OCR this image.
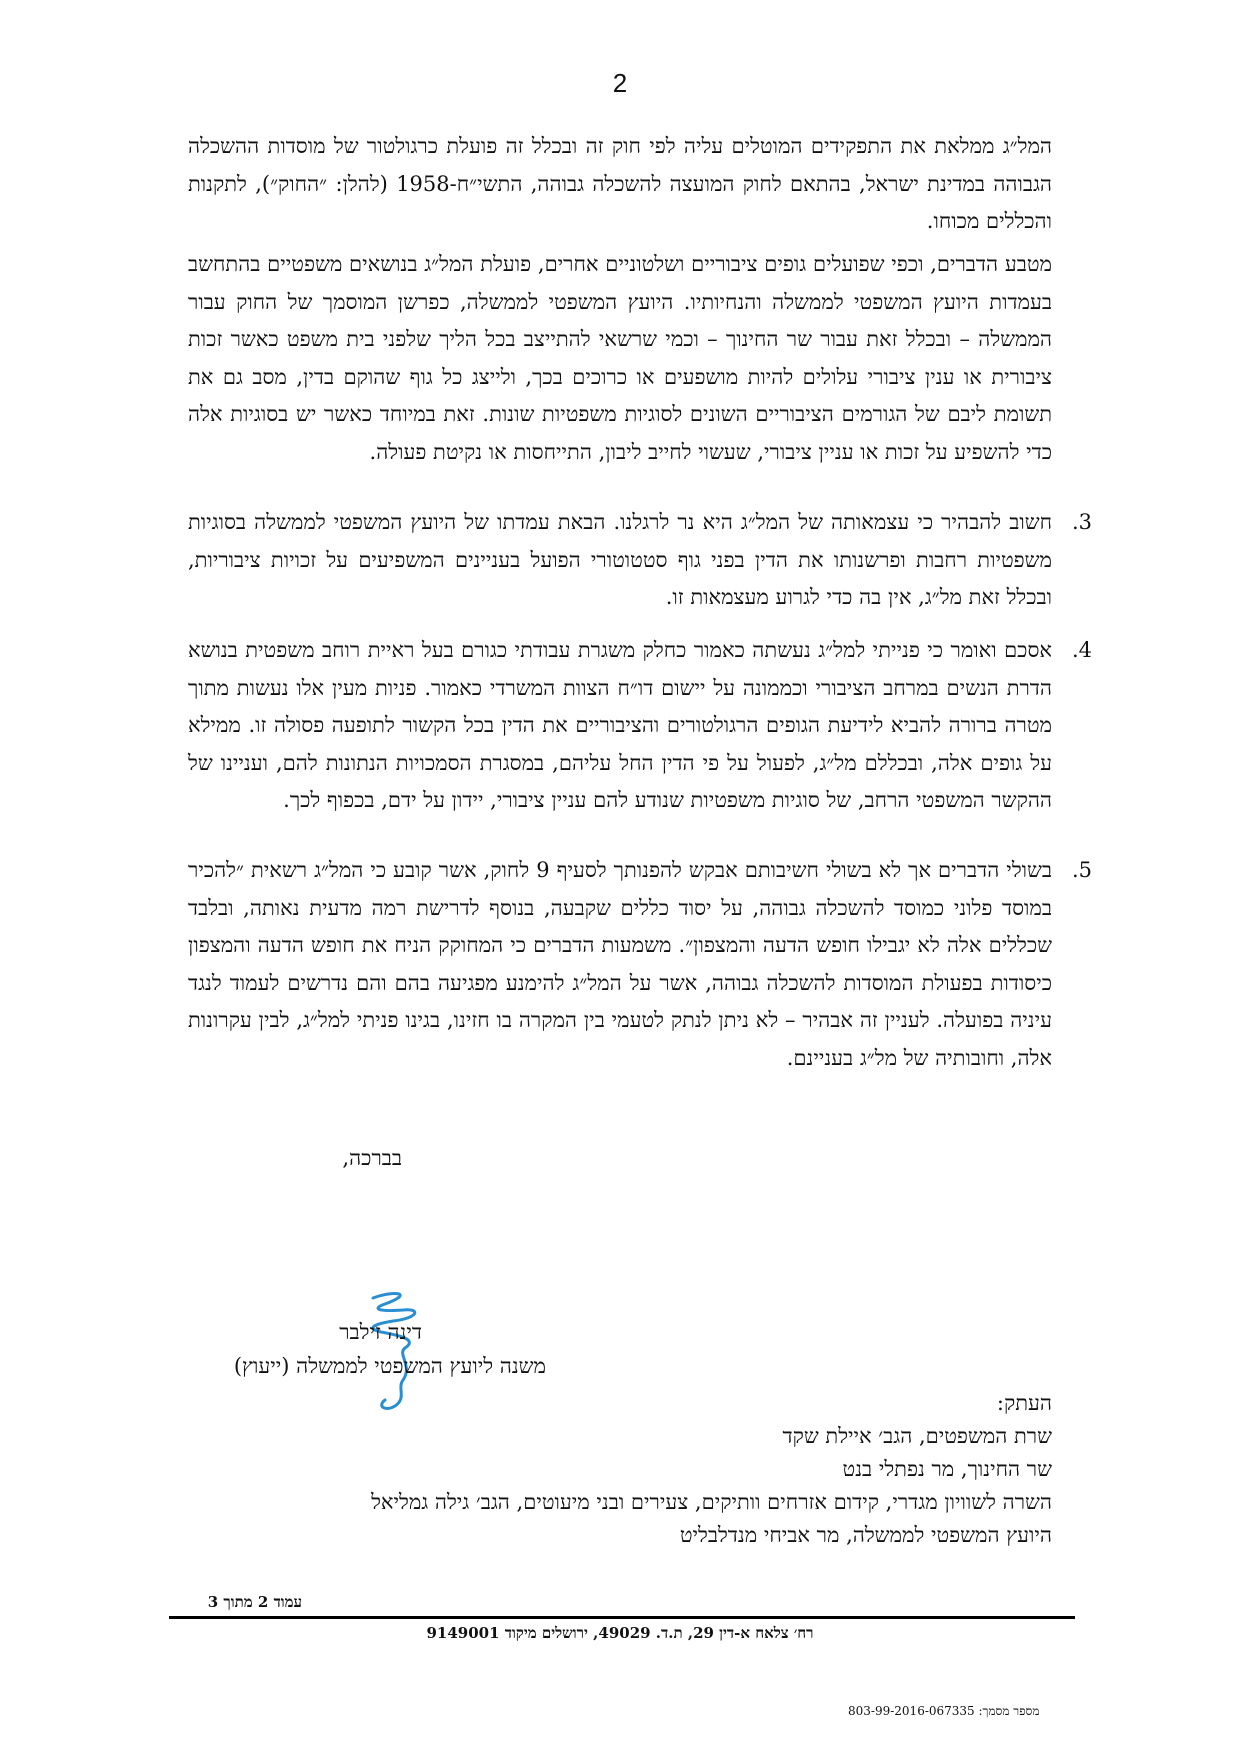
2
המל״ג ממלאת את התפקידים המוטלים עליה לפי חוק זה ובכלל זה פועלת כרגולטור של מוסדות ההשכלה הגבוהה במדינת ישראל, בהתאם לחוק המועצה להשכלה גבוהה, התשי״ח-1958 (להלן: ״החוק״), לתקנות והכללים מכוחו.
מטבע הדברים, וכפי שפועלים גופים ציבוריים ושלטוניים אחרים, פועלת המל״ג בנושאים משפטיים בהתחשב בעמדות היועץ המשפטי לממשלה והנחיותיו. היועץ המשפטי לממשלה, כפרשן המוסמך של החוק עבור הממשלה – ובכלל זאת עבור שר החינוך – וכמי שרשאי להתייצב בכל הליך שלפני בית משפט כאשר זכות ציבורית או ענין ציבורי עלולים להיות מושפעים או כרוכים בכך, ולייצג כל גוף שהוקם בדין, מסב גם את תשומת ליבם של הגורמים הציבוריים השונים לסוגיות משפטיות שונות. זאת במיוחד כאשר יש בסוגיות אלה כדי להשפיע על זכות או עניין ציבורי, שעשוי לחייב ליבון, התייחסות או נקיטת פעולה.
3.
חשוב להבהיר כי עצמאותה של המל״ג היא נר לרגלנו. הבאת עמדתו של היועץ המשפטי לממשלה בסוגיות משפטיות רחבות ופרשנותו את הדין בפני גוף סטטוטורי הפועל בעניינים המשפיעים על זכויות ציבוריות, ובכלל זאת מל״ג, אין בה כדי לגרוע מעצמאות זו.
4.
אסכם ואומר כי פנייתי למל״ג נעשתה כאמור כחלק משגרת עבודתי כגורם בעל ראיית רוחב משפטית בנושא הדרת הנשים במרחב הציבורי וכממונה על יישום דו״ח הצוות המשרדי כאמור. פניות מעין אלו נעשות מתוך מטרה ברורה להביא לידיעת הגופים הרגולטורים והציבוריים את הדין בכל הקשור לתופעה פסולה זו. ממילא על גופים אלה, ובכללם מל״ג, לפעול על פי הדין החל עליהם, במסגרת הסמכויות הנתונות להם, ועניינו של ההקשר המשפטי הרחב, של סוגיות משפטיות שנודע להם עניין ציבורי, יידון על ידם, בכפוף לכך.
5.
בשולי הדברים אך לא בשולי חשיבותם אבקש להפנותך לסעיף 9 לחוק, אשר קובע כי המל״ג רשאית ״להכיר במוסד פלוני כמוסד להשכלה גבוהה, על יסוד כללים שקבעה, בנוסף לדרישת רמה מדעית נאותה, ובלבד שכללים אלה לא יגבילו חופש הדעה והמצפון״. משמעות הדברים כי המחוקק הניח את חופש הדעה והמצפון כיסודות בפעולת המוסדות להשכלה גבוהה, אשר על המל״ג להימנע מפגיעה בהם והם נדרשים לעמוד לנגד עיניה בפועלה. לעניין זה אבהיר – לא ניתן לנתק לטעמי בין המקרה בו חזינו, בגינו פניתי למל״ג, לבין עקרונות אלה, וחובותיה של מל״ג בעניינם.
בברכה,
דינה זילבר
משנה ליועץ המשפטי לממשלה (ייעוץ)
העתק:
שרת המשפטים, הגב׳ איילת שקד
שר החינוך, מר נפתלי בנט
השרה לשוויון מגדרי, קידום אזרחים וותיקים, צעירים ובני מיעוטים, הגב׳ גילה גמליאל
היועץ המשפטי לממשלה, מר אביחי מנדלבליט
עמוד 2 מתוך 3
רח׳ צלאח א-דין 29, ת.ד. 49029, ירושלים מיקוד 9149001
מספר מסמך: 803-99-2016-067335
